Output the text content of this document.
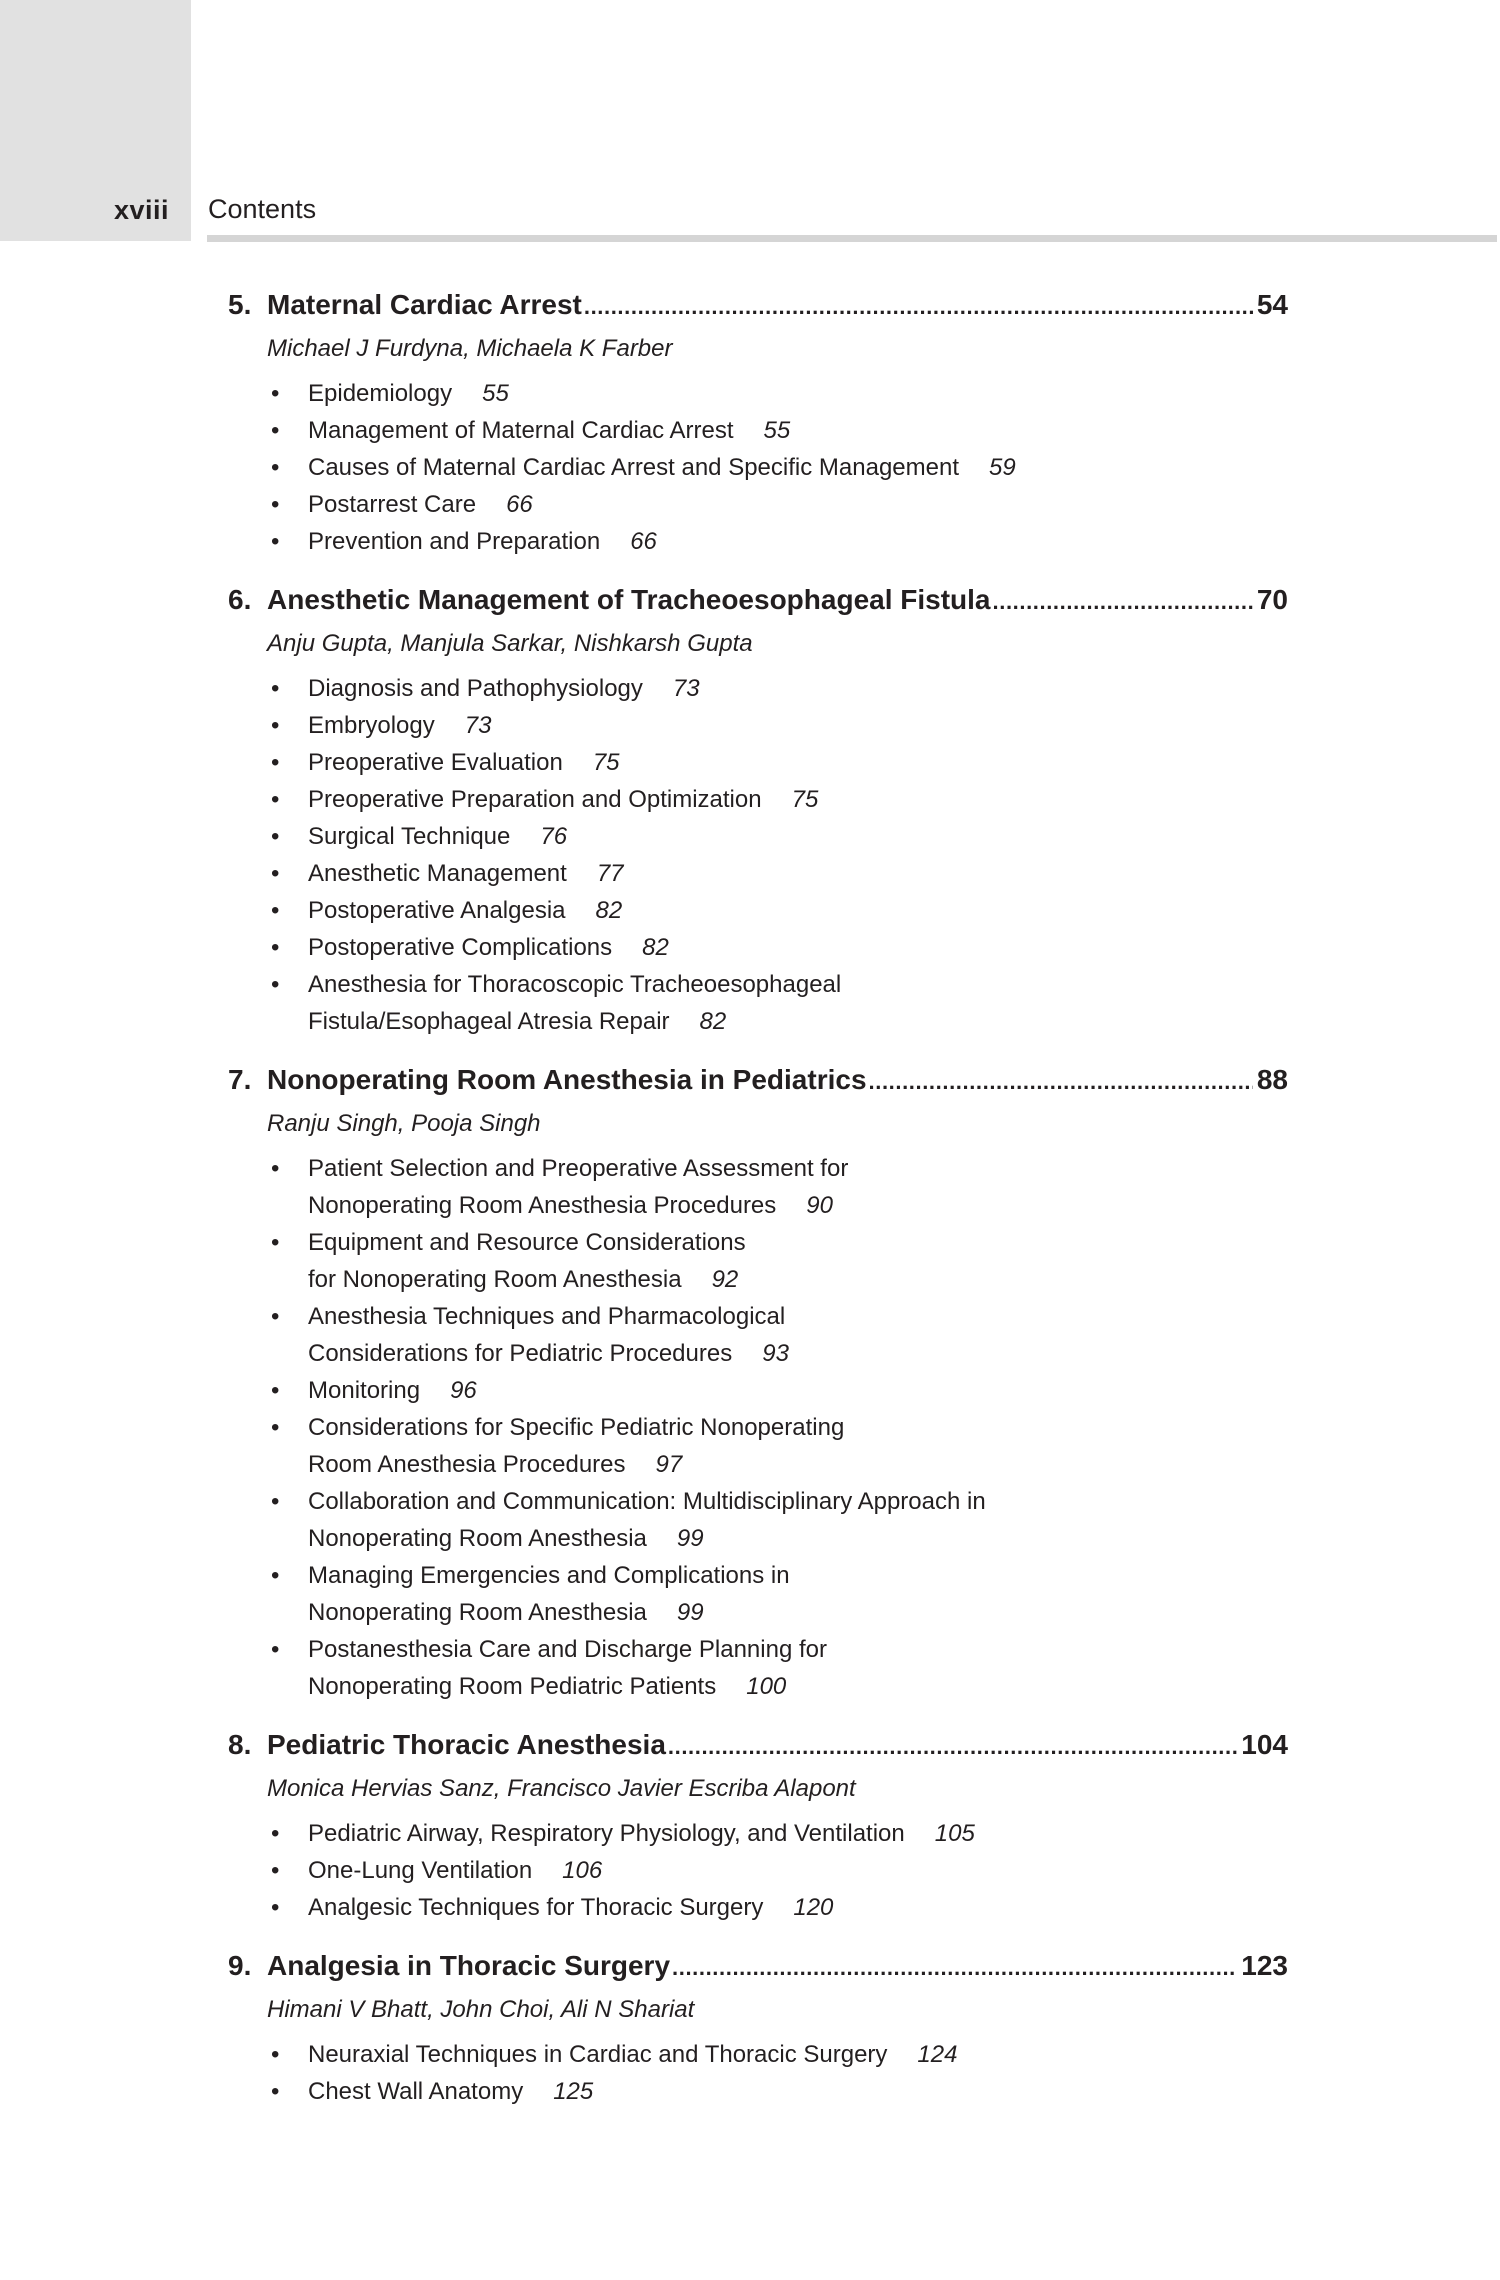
xviii Contents
5. Maternal Cardiac Arrest .....	54
Michael J Furdyna, Michaela K Farber
• Epidemiology 55
• Management of Maternal Cardiac Arrest 55
• Causes of Maternal Cardiac Arrest and Specific Management 59
• Postarrest Care 66
• Prevention and Preparation 66
6. Anesthetic Management of Tracheoesophageal Fistula .....	70
Anju Gupta, Manjula Sarkar, Nishkarsh Gupta
• Diagnosis and Pathophysiology 73
• Embryology 73
• Preoperative Evaluation 75
• Preoperative Preparation and Optimization 75
• Surgical Technique 76
• Anesthetic Management 77
• Postoperative Analgesia 82
• Postoperative Complications 82
• Anesthesia for Thoracoscopic Tracheoesophageal
Fistula/Esophageal Atresia Repair 82
7. Nonoperating Room Anesthesia in Pediatrics .....	88
Ranju Singh, Pooja Singh
• Patient Selection and Preoperative Assessment for
Nonoperating Room Anesthesia Procedures 90
• Equipment and Resource Considerations
for Nonoperating Room Anesthesia 92
• Anesthesia Techniques and Pharmacological
Considerations for Pediatric Procedures 93
• Monitoring 96
• Considerations for Specific Pediatric Nonoperating
Room Anesthesia Procedures 97
• Collaboration and Communication: Multidisciplinary Approach in
Nonoperating Room Anesthesia 99
• Managing Emergencies and Complications in
Nonoperating Room Anesthesia 99
• Postanesthesia Care and Discharge Planning for
Nonoperating Room Pediatric Patients 100
8. Pediatric Thoracic Anesthesia .....	104
Monica Hervias Sanz, Francisco Javier Escriba Alapont
• Pediatric Airway, Respiratory Physiology, and Ventilation 105
• One-Lung Ventilation 106
• Analgesic Techniques for Thoracic Surgery 120
9. Analgesia in Thoracic Surgery .....	123
Himani V Bhatt, John Choi, Ali N Shariat
• Neuraxial Techniques in Cardiac and Thoracic Surgery 124
• Chest Wall Anatomy 125
